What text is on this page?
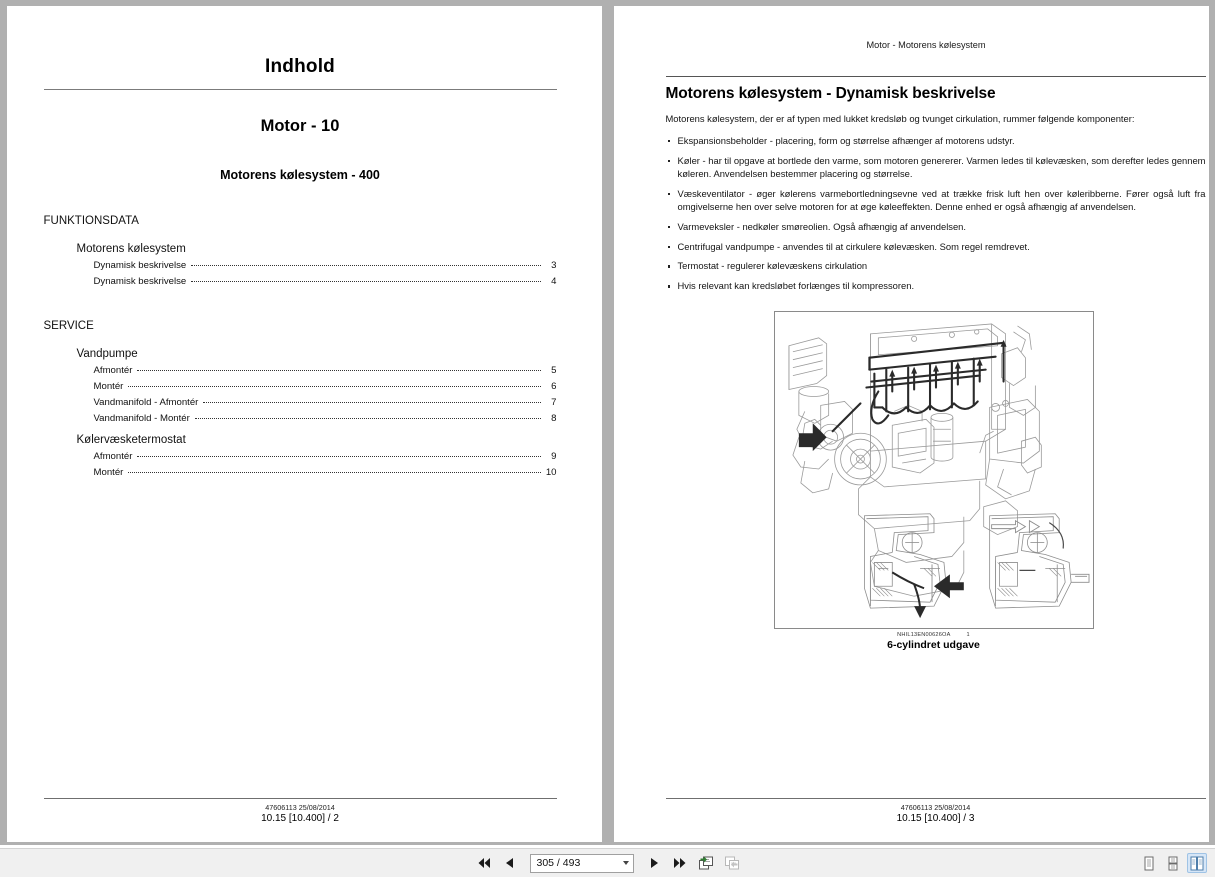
Indhold
Motor - 10
Motorens kølesystem - 400
FUNKTIONSDATA
Motorens kølesystem
Dynamisk beskrivelse	3
Dynamisk beskrivelse	4
SERVICE
Vandpumpe
Afmontér	5
Montér	6
Vandmanifold - Afmontér	7
Vandmanifold - Montér	8
Kølervæsketermostat
Afmontér	9
Montér	10
47606113 25/08/2014
10.15 [10.400] / 2
Motor - Motorens kølesystem
Motorens kølesystem - Dynamisk beskrivelse
Motorens kølesystem, der er af typen med lukket kredsløb og tvunget cirkulation, rummer følgende komponenter:
Ekspansionsbeholder - placering, form og størrelse afhænger af motorens udstyr.
Køler - har til opgave at bortlede den varme, som motoren genererer. Varmen ledes til kølevæsken, som derefter ledes gennem køleren. Anvendelsen bestemmer placering og størrelse.
Væskeventilator - øger kølerens varmebortledningsevne ved at trække frisk luft hen over køleribberne. Fører også luft fra omgivelserne hen over selve motoren for at øge køleeffekten. Denne enhed er også afhængig af anvendelsen.
Varmeveksler - nedkøler smøreolien. Også afhængig af anvendelsen.
Centrifugal vandpumpe - anvendes til at cirkulere kølevæsken. Som regel remdrevet.
Termostat - regulerer kølevæskens cirkulation
Hvis relevant kan kredsløbet forlænges til kompressoren.
NHIL13EN00626OA	1
6-cylindret udgave
47606113 25/08/2014
10.15 [10.400] / 3
305 / 493
